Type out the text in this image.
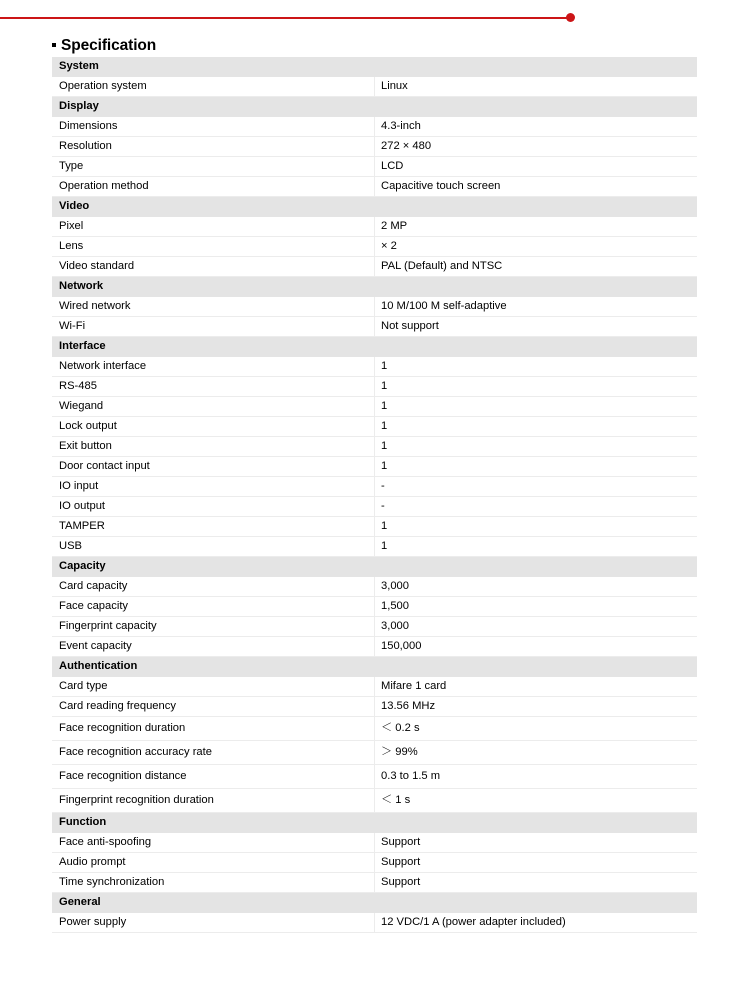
Specification
System	
Operation system	Linux
Display	
Dimensions	4.3-inch
Resolution	272 × 480
Type	LCD
Operation method	Capacitive touch screen
Video	
Pixel	2 MP
Lens	× 2
Video standard	PAL (Default) and NTSC
Network	
Wired network	10 M/100 M self-adaptive
Wi-Fi	Not support
Interface	
Network interface	1
RS-485	1
Wiegand	1
Lock output	1
Exit button	1
Door contact input	1
IO input	-
IO output	-
TAMPER	1
USB	1
Capacity	
Card capacity	3,000
Face capacity	1,500
Fingerprint capacity	3,000
Event capacity	150,000
Authentication	
Card type	Mifare 1 card
Card reading frequency	13.56 MHz
Face recognition duration	＜ 0.2 s
Face recognition accuracy rate	＞ 99%
Face recognition distance	0.3 to 1.5 m
Fingerprint recognition duration	＜ 1 s
Function	
Face anti-spoofing	Support
Audio prompt	Support
Time synchronization	Support
General	
Power supply	12 VDC/1 A (power adapter included)
